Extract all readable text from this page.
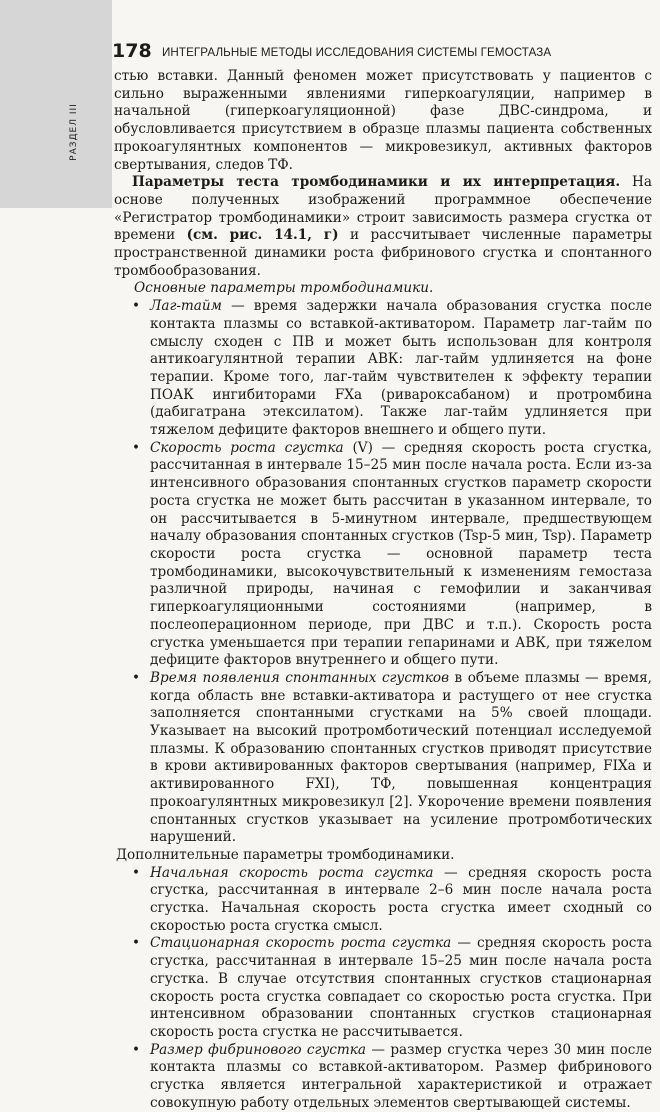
РАЗДЕЛ III
178 ИНТЕГРАЛЬНЫЕ МЕТОДЫ ИССЛЕДОВАНИЯ СИСТЕМЫ ГЕМОСТАЗА

стью вставки. Данный феномен может присутствовать у пациентов с сильно выраженными явлениями гиперкоагуляции, например в начальной (гиперкоагуляционной) фазе ДВС-синдрома, и обусловливается присутствием в образце плазмы пациента собственных прокоагулянтных компонентов — микровезикул, активных факторов свертывания, следов ТФ.

Параметры теста тромбодинамики и их интерпретация. На основе полученных изображений программное обеспечение «Регистратор тромбодинамики» строит зависимость размера сгустка от времени (см. рис. 14.1, г) и рассчитывает численные параметры пространственной динамики роста фибринового сгустка и спонтанного тромбообразования.

Основные параметры тромбодинамики.

• Лаг-тайм — время задержки начала образования сгустка после контакта плазмы со вставкой-активатором. Параметр лаг-тайм по смыслу сходен с ПВ и может быть использован для контроля антикоагулянтной терапии АВК: лаг-тайм удлиняется на фоне терапии. Кроме того, лаг-тайм чувствителен к эффекту терапии ПОАК ингибиторами FXa (ривароксабаном) и протромбина (дабигатрана этексилатом). Также лаг-тайм удлиняется при тяжелом дефиците факторов внешнего и общего пути.
• Скорость роста сгустка (V) — средняя скорость роста сгустка, рассчитанная в интервале 15–25 мин после начала роста. Если из-за интенсивного образования спонтанных сгустков параметр скорости роста сгустка не может быть рассчитан в указанном интервале, то он рассчитывается в 5-минутном интервале, предшествующем началу образования спонтанных сгустков (Tsp-5 мин, Tsp). Параметр скорости роста сгустка — основной параметр теста тромбодинамики, высокочувствительный к изменениям гемостаза различной природы, начиная с гемофилии и заканчивая гиперкоагуляционными состояниями (например, в послеоперационном периоде, при ДВС и т.п.). Скорость роста сгустка уменьшается при терапии гепаринами и АВК, при тяжелом дефиците факторов внутреннего и общего пути.
• Время появления спонтанных сгустков в объеме плазмы — время, когда область вне вставки-активатора и растущего от нее сгустка заполняется спонтанными сгустками на 5% своей площади. Указывает на высокий протромботический потенциал исследуемой плазмы. К образованию спонтанных сгустков приводят присутствие в крови активированных факторов свертывания (например, FIXa и активированного FXI), ТФ, повышенная концентрация прокоагулянтных микровезикул [2]. Укорочение времени появления спонтанных сгустков указывает на усиление протромботических нарушений.

Дополнительные параметры тромбодинамики.

• Начальная скорость роста сгустка — средняя скорость роста сгустка, рассчитанная в интервале 2–6 мин после начала роста сгустка. Начальная скорость роста сгустка имеет сходный со скоростью роста сгустка смысл.
• Стационарная скорость роста сгустка — средняя скорость роста сгустка, рассчитанная в интервале 15–25 мин после начала роста сгустка. В случае отсутствия спонтанных сгустков стационарная скорость роста сгустка совпадает со скоростью роста сгустка. При интенсивном образовании спонтанных сгустков стационарная скорость роста сгустка не рассчитывается.
• Размер фибринового сгустка — размер сгустка через 30 мин после контакта плазмы со вставкой-активатором. Размер фибринового сгустка является интегральной характеристикой и отражает совокупную работу отдельных элементов свертывающей системы.
